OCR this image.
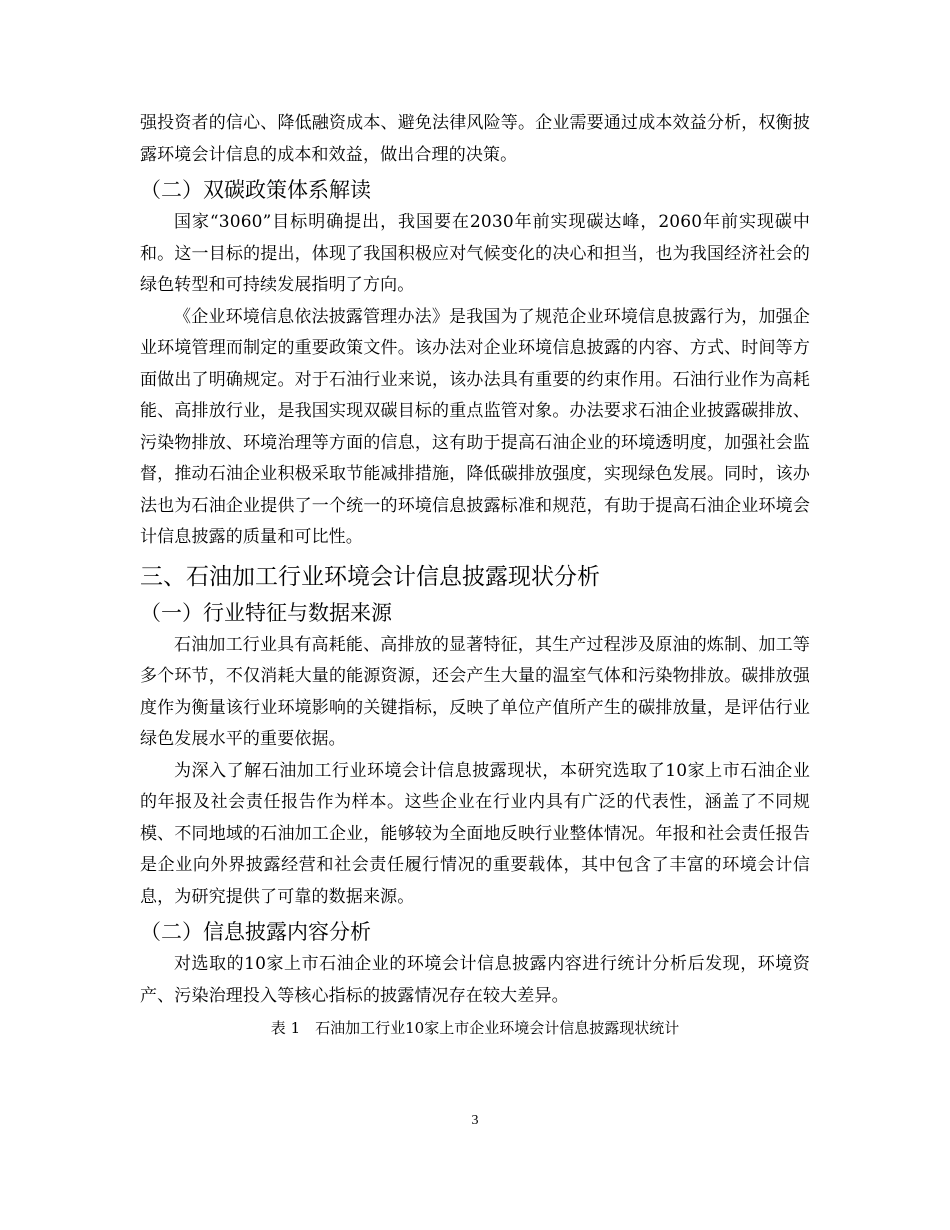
强投资者的信心、降低融资成本、避免法律风险等。企业需要通过成本效益分析，权衡披露环境会计信息的成本和效益，做出合理的决策。

（二）双碳政策体系解读

国家“3060”目标明确提出，我国要在2030年前实现碳达峰，2060年前实现碳中和。这一目标的提出，体现了我国积极应对气候变化的决心和担当，也为我国经济社会的绿色转型和可持续发展指明了方向。

《企业环境信息依法披露管理办法》是我国为了规范企业环境信息披露行为，加强企业环境管理而制定的重要政策文件。该办法对企业环境信息披露的内容、方式、时间等方面做出了明确规定。对于石油行业来说，该办法具有重要的约束作用。石油行业作为高耗能、高排放行业，是我国实现双碳目标的重点监管对象。办法要求石油企业披露碳排放、污染物排放、环境治理等方面的信息，这有助于提高石油企业的环境透明度，加强社会监督，推动石油企业积极采取节能减排措施，降低碳排放强度，实现绿色发展。同时，该办法也为石油企业提供了一个统一的环境信息披露标准和规范，有助于提高石油企业环境会计信息披露的质量和可比性。

三、石油加工行业环境会计信息披露现状分析
（一）行业特征与数据来源

石油加工行业具有高耗能、高排放的显著特征，其生产过程涉及原油的炼制、加工等多个环节，不仅消耗大量的能源资源，还会产生大量的温室气体和污染物排放。碳排放强度作为衡量该行业环境影响的关键指标，反映了单位产值所产生的碳排放量，是评估行业绿色发展水平的重要依据。

为深入了解石油加工行业环境会计信息披露现状，本研究选取了10家上市石油企业的年报及社会责任报告作为样本。这些企业在行业内具有广泛的代表性，涵盖了不同规模、不同地域的石油加工企业，能够较为全面地反映行业整体情况。年报和社会责任报告是企业向外界披露经营和社会责任履行情况的重要载体，其中包含了丰富的环境会计信息，为研究提供了可靠的数据来源。

（二）信息披露内容分析

对选取的10家上市石油企业的环境会计信息披露内容进行统计分析后发现，环境资产、污染治理投入等核心指标的披露情况存在较大差异。

表 1　石油加工行业10家上市企业环境会计信息披露现状统计
3
